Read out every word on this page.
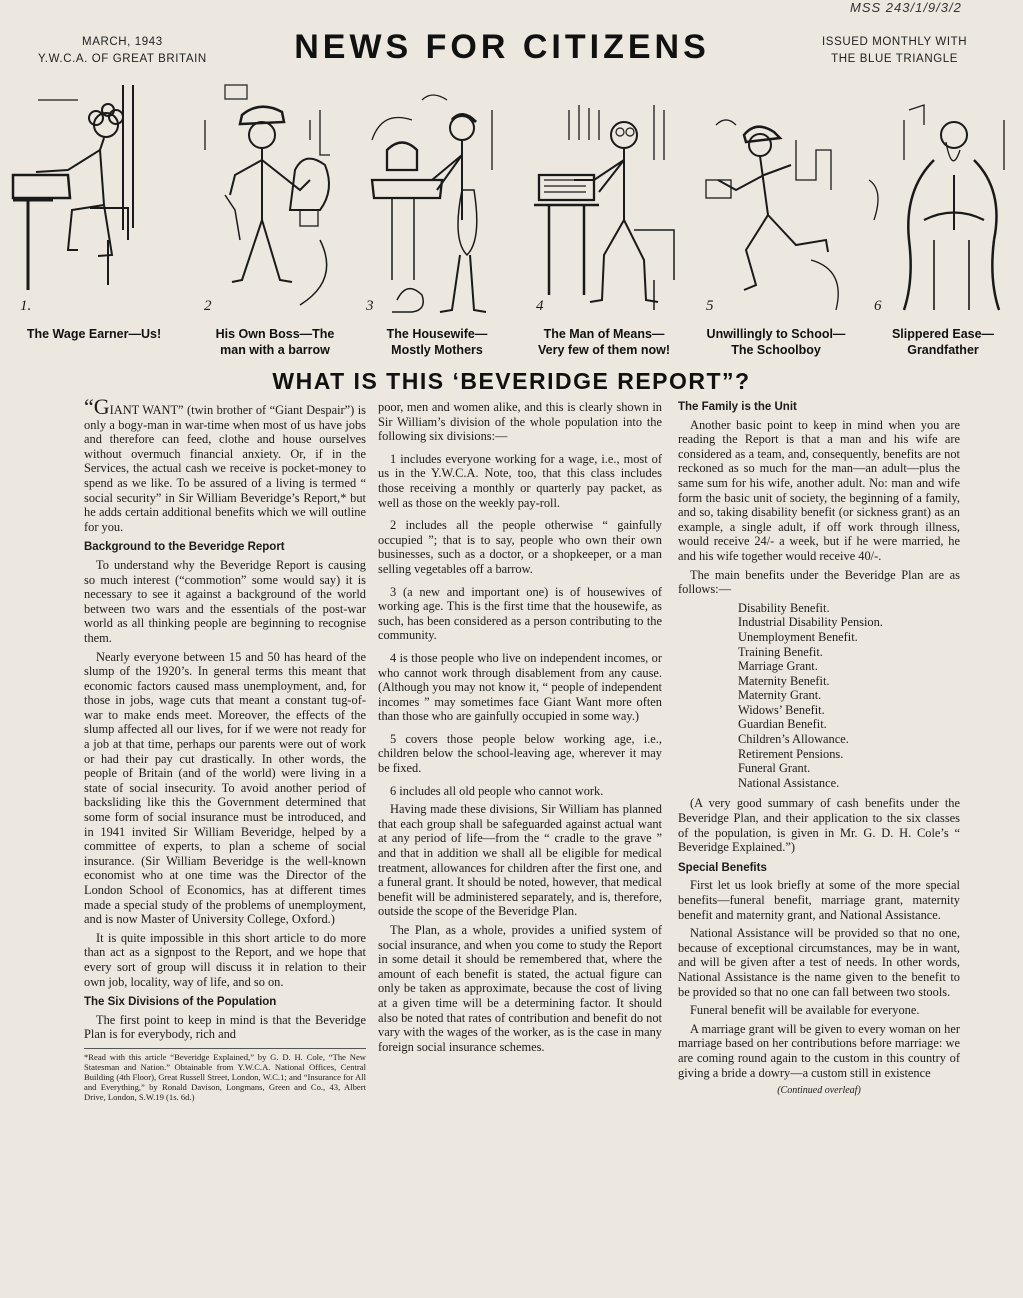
MARCH, 1943
Y.W.C.A. OF GREAT BRITAIN	NEWS FOR CITIZENS	ISSUED MONTHLY WITH
THE BLUE TRIANGLE
MSS 243/1/9/3/2
1.	2	3	4	5	6
The Wage Earner—Us!	His Own Boss—The
man with a barrow
The Housewife—
Mostly Mothers
The Man of Means—
Very few of them now!
Unwillingly to School—
The Schoolboy
Slippered Ease—
Grandfather
WHAT IS THIS ‘BEVERIDGE REPORT”?

“GIANT WANT” (twin brother of “Giant Despair”) is only a bogy-man in war-time when most of us have jobs and therefore can feed, clothe and house ourselves without overmuch financial anxiety. Or, if in the Services, the actual cash we receive is pocket-money to spend as we like. To be assured of a living is termed “ social security” in Sir William Beveridge’s Report,* but he adds certain additional benefits which we will outline for you.

Background to the Beveridge Report

To understand why the Beveridge Report is causing so much interest (“commotion” some would say) it is necessary to see it against a background of the world between two wars and the essentials of the post-war world as all thinking people are beginning to recognise them.

Nearly everyone between 15 and 50 has heard of the slump of the 1920’s. In general terms this meant that economic factors caused mass unemployment, and, for those in jobs, wage cuts that meant a constant tug-of-war to make ends meet. Moreover, the effects of the slump affected all our lives, for if we were not ready for a job at that time, perhaps our parents were out of work or had their pay cut drastically. In other words, the people of Britain (and of the world) were living in a state of social insecurity. To avoid another period of backsliding like this the Government determined that some form of social insurance must be introduced, and in 1941 invited Sir William Beveridge, helped by a committee of experts, to plan a scheme of social insurance. (Sir William Beveridge is the well-known economist who at one time was the Director of the London School of Economics, has at different times made a special study of the problems of unemployment, and is now Master of University College, Oxford.)

It is quite impossible in this short article to do more than act as a signpost to the Report, and we hope that every sort of group will discuss it in relation to their own job, locality, way of life, and so on.

The Six Divisions of the Population

The first point to keep in mind is that the Beveridge Plan is for everybody, rich and

*Read with this article “Beveridge Explained,” by G. D. H. Cole, “The New Statesman and Nation.” Obtainable from Y.W.C.A. National Offices, Central Building (4th Floor), Great Russell Street, London, W.C.1; and “Insurance for All and Everything,” by Ronald Davison, Longmans, Green and Co., 43, Albert Drive, London, S.W.19 (1s. 6d.)

poor, men and women alike, and this is clearly shown in Sir William’s division of the whole population into the following six divisions:—

1 includes everyone working for a wage, i.e., most of us in the Y.W.C.A. Note, too, that this class includes those receiving a monthly or quarterly pay packet, as well as those on the weekly pay-roll.

2 includes all the people otherwise “ gainfully occupied ”; that is to say, people who own their own businesses, such as a doctor, or a shopkeeper, or a man selling vegetables off a barrow.

3 (a new and important one) is of housewives of working age. This is the first time that the housewife, as such, has been considered as a person contributing to the community.

4 is those people who live on independent incomes, or who cannot work through disablement from any cause. (Although you may not know it, “ people of independent incomes ” may sometimes face Giant Want more often than those who are gainfully occupied in some way.)

5 covers those people below working age, i.e., children below the school-leaving age, wherever it may be fixed.

6 includes all old people who cannot work.

Having made these divisions, Sir William has planned that each group shall be safeguarded against actual want at any period of life—from the “ cradle to the grave ” and that in addition we shall all be eligible for medical treatment, allowances for children after the first one, and a funeral grant. It should be noted, however, that medical benefit will be administered separately, and is, therefore, outside the scope of the Beveridge Plan.

The Plan, as a whole, provides a unified system of social insurance, and when you come to study the Report in some detail it should be remembered that, where the amount of each benefit is stated, the actual figure can only be taken as approximate, because the cost of living at a given time will be a determining factor. It should also be noted that rates of contribution and benefit do not vary with the wages of the worker, as is the case in many foreign social insurance schemes.

The Family is the Unit

Another basic point to keep in mind when you are reading the Report is that a man and his wife are considered as a team, and, consequently, benefits are not reckoned as so much for the man—an adult—plus the same sum for his wife, another adult. No: man and wife form the basic unit of society, the beginning of a family, and so, taking disability benefit (or sickness grant) as an example, a single adult, if off work through illness, would receive 24/- a week, but if he were married, he and his wife together would receive 40/-.

The main benefits under the Beveridge Plan are as follows:—

Disability Benefit.
Industrial Disability Pension.
Unemployment Benefit.
Training Benefit.
Marriage Grant.
Maternity Benefit.
Maternity Grant.
Widows’ Benefit.
Guardian Benefit.
Children’s Allowance.
Retirement Pensions.
Funeral Grant.
National Assistance.

(A very good summary of cash benefits under the Beveridge Plan, and their application to the six classes of the population, is given in Mr. G. D. H. Cole’s “ Beveridge Explained.”)

Special Benefits

First let us look briefly at some of the more special benefits—funeral benefit, marriage grant, maternity benefit and maternity grant, and National Assistance.

National Assistance will be provided so that no one, because of exceptional circumstances, may be in want, and will be given after a test of needs. In other words, National Assistance is the name given to the benefit to be provided so that no one can fall between two stools.

Funeral benefit will be available for everyone.

A marriage grant will be given to every woman on her marriage based on her contributions before marriage: we are coming round again to the custom in this country of giving a bride a dowry—a custom still in existence

(Continued overleaf)
